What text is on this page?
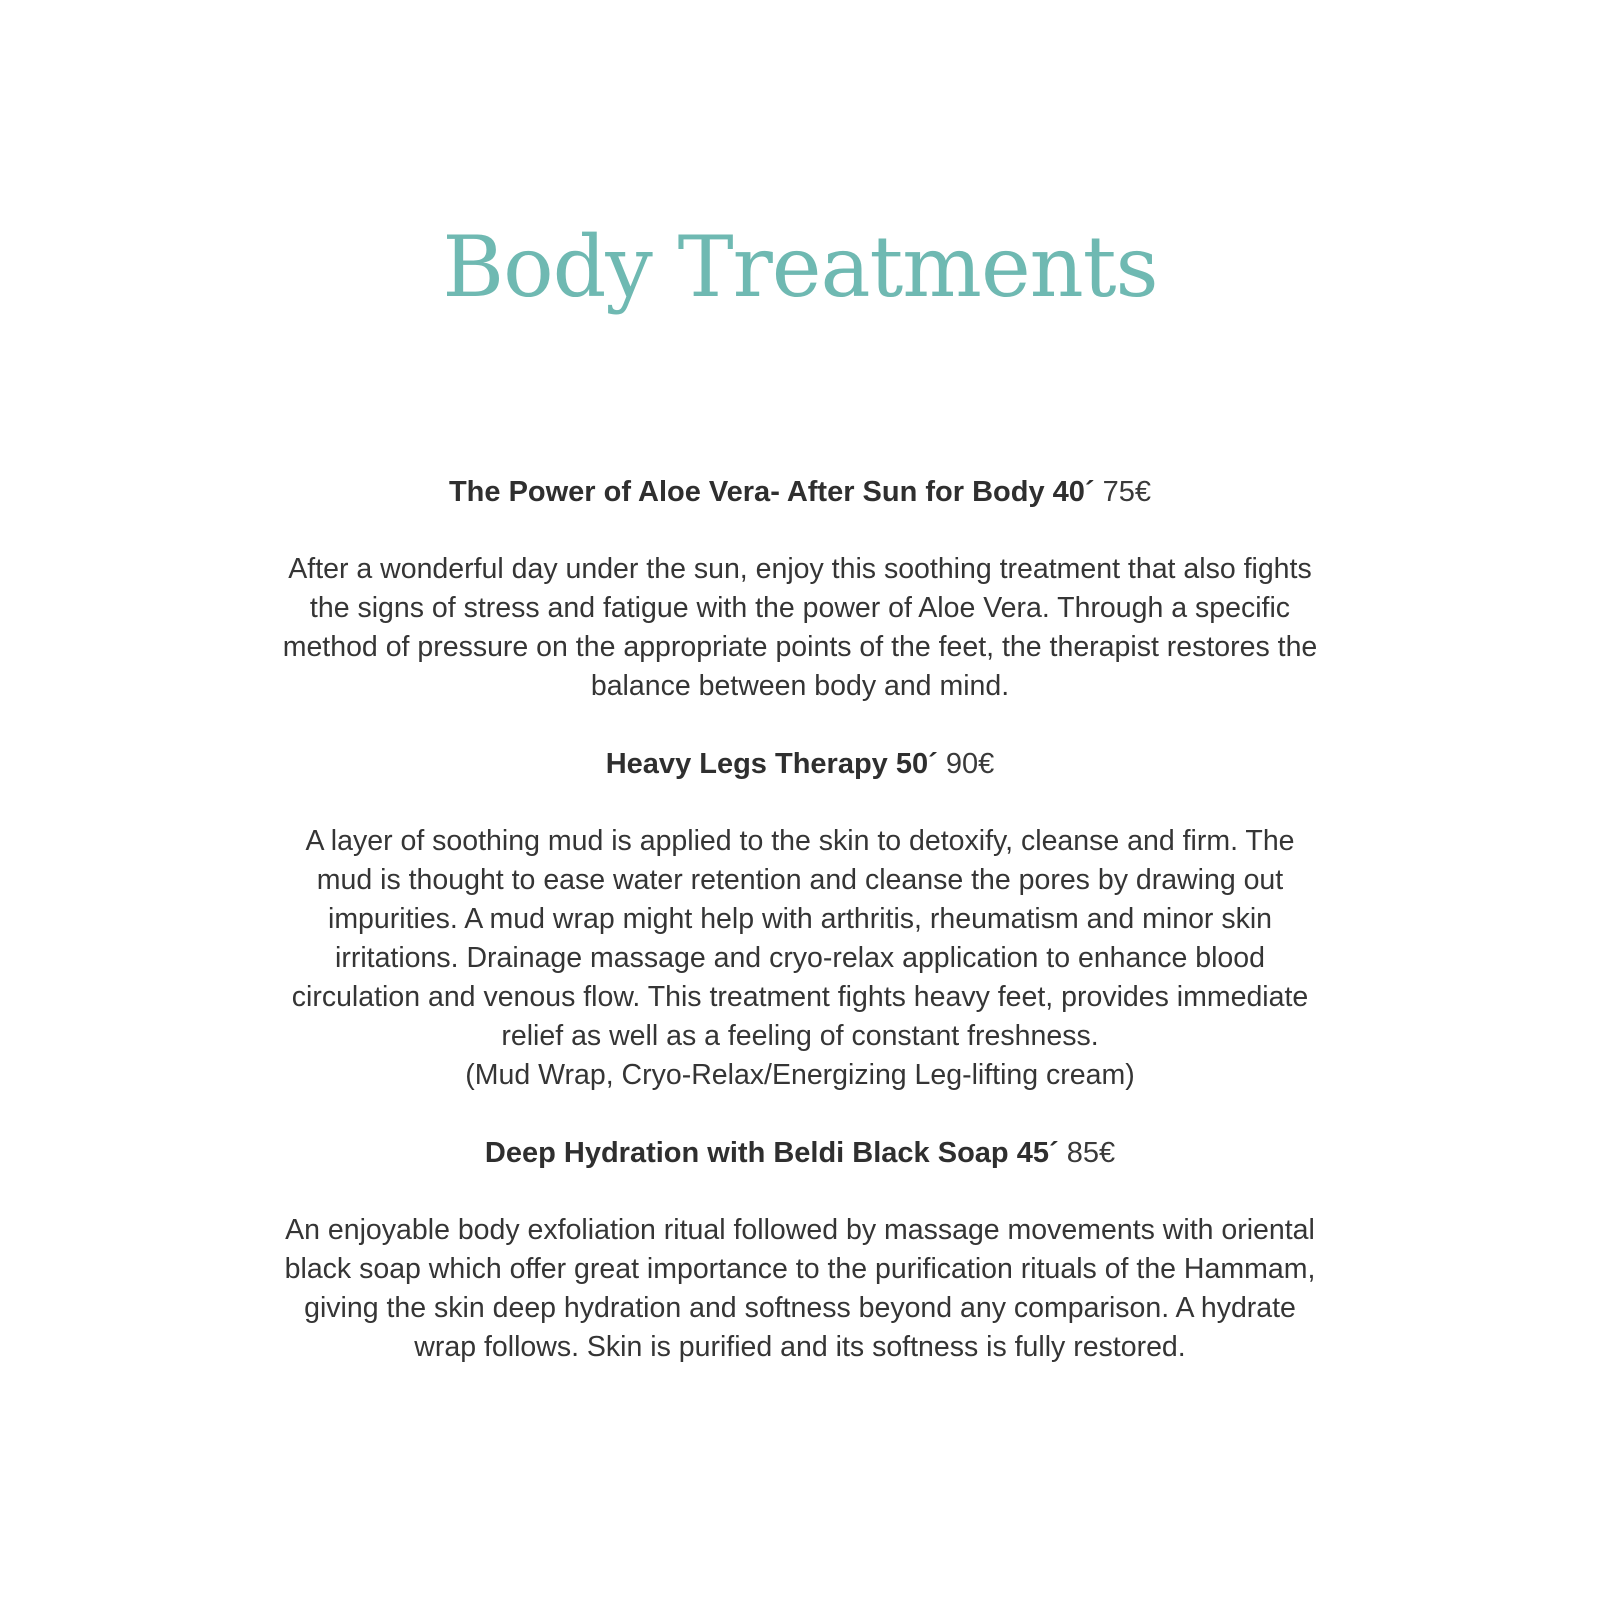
Body Treatments

The Power of Aloe Vera- After Sun for Body 40´ 75€

After a wonderful day under the sun, enjoy this soothing treatment that also fights
the signs of stress and fatigue with the power of Aloe Vera. Through a specific
method of pressure on the appropriate points of the feet, the therapist restores the
balance between body and mind.

Heavy Legs Therapy 50´ 90€

A layer of soothing mud is applied to the skin to detoxify, cleanse and firm. The
mud is thought to ease water retention and cleanse the pores by drawing out
impurities. A mud wrap might help with arthritis, rheumatism and minor skin
irritations. Drainage massage and cryo-relax application to enhance blood
circulation and venous flow. This treatment fights heavy feet, provides immediate
relief as well as a feeling of constant freshness.
(Mud Wrap, Cryo-Relax/Energizing Leg-lifting cream)

Deep Hydration with Beldi Black Soap 45´ 85€

An enjoyable body exfoliation ritual followed by massage movements with oriental
black soap which offer great importance to the purification rituals of the Hammam,
giving the skin deep hydration and softness beyond any comparison. A hydrate
wrap follows. Skin is purified and its softness is fully restored.
